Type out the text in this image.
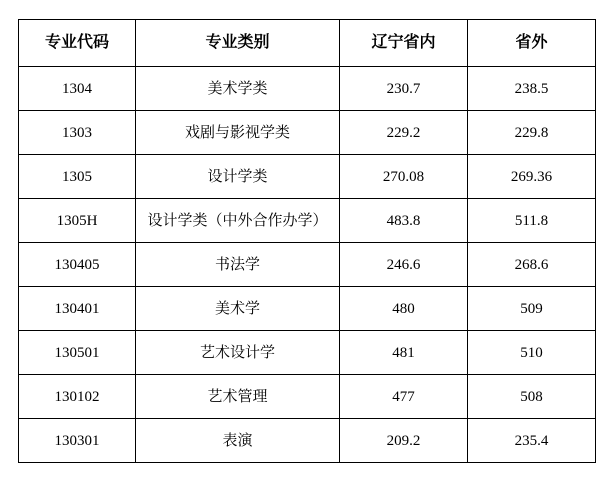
专业代码	专业类别	辽宁省内	省外
1304	美术学类	230.7	238.5
1303	戏剧与影视学类	229.2	229.8
1305	设计学类	270.08	269.36
1305H	设计学类（中外合作办学）	483.8	511.8
130405	书法学	246.6	268.6
130401	美术学	480	509
130501	艺术设计学	481	510
130102	艺术管理	477	508
130301	表演	209.2	235.4
